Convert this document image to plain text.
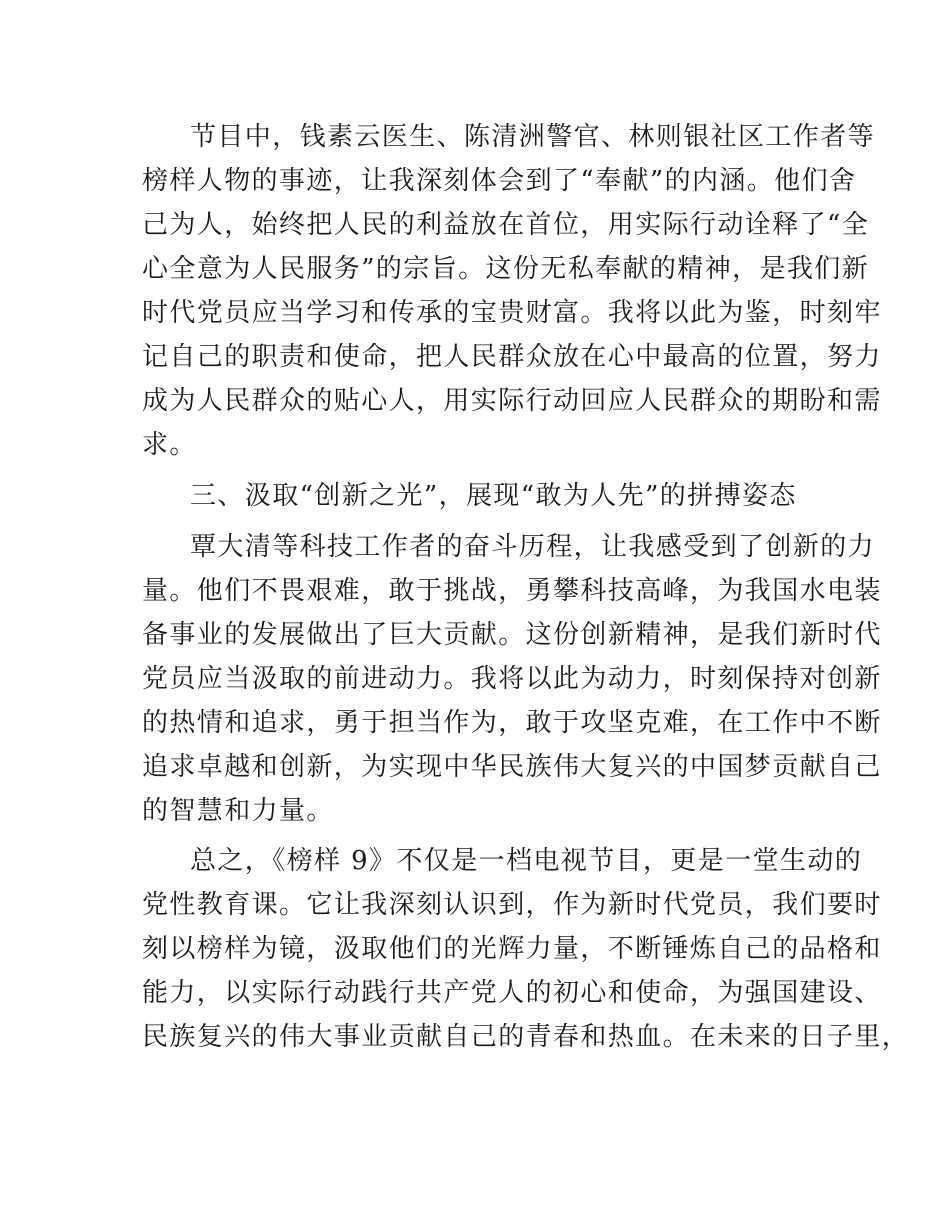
节目中，钱素云医生、陈清洲警官、林则银社区工作者等
榜样人物的事迹，让我深刻体会到了“奉献”的内涵。他们舍
己为人，始终把人民的利益放在首位，用实际行动诠释了“全
心全意为人民服务”的宗旨。这份无私奉献的精神，是我们新
时代党员应当学习和传承的宝贵财富。我将以此为鉴，时刻牢
记自己的职责和使命，把人民群众放在心中最高的位置，努力
成为人民群众的贴心人，用实际行动回应人民群众的期盼和需
求。
三、汲取“创新之光”，展现“敢为人先”的拼搏姿态
覃大清等科技工作者的奋斗历程，让我感受到了创新的力
量。他们不畏艰难，敢于挑战，勇攀科技高峰，为我国水电装
备事业的发展做出了巨大贡献。这份创新精神，是我们新时代
党员应当汲取的前进动力。我将以此为动力，时刻保持对创新
的热情和追求，勇于担当作为，敢于攻坚克难，在工作中不断
追求卓越和创新，为实现中华民族伟大复兴的中国梦贡献自己
的智慧和力量。
总之，《榜样 9》不仅是一档电视节目，更是一堂生动的
党性教育课。它让我深刻认识到，作为新时代党员，我们要时
刻以榜样为镜，汲取他们的光辉力量，不断锤炼自己的品格和
能力，以实际行动践行共产党人的初心和使命，为强国建设、
民族复兴的伟大事业贡献自己的青春和热血。在未来的日子里，
